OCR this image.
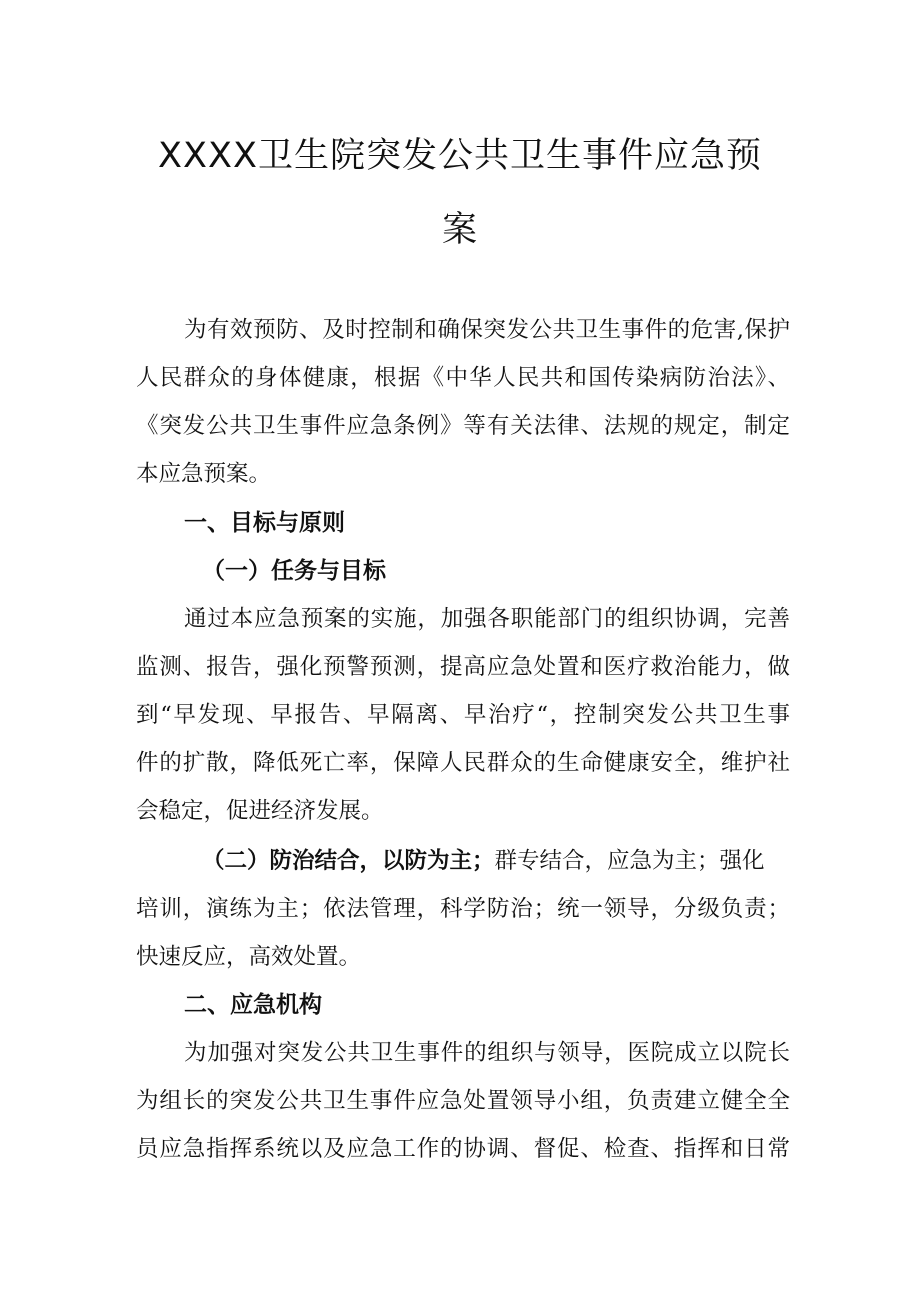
XXXX卫生院突发公共卫生事件应急预
案
为有效预防、及时控制和确保突发公共卫生事件的危害,保护
人民群众的身体健康，根据《中华人民共和国传染病防治法》、
《突发公共卫生事件应急条例》等有关法律、法规的规定，制定
本应急预案。
一、目标与原则
（一）任务与目标
通过本应急预案的实施，加强各职能部门的组织协调，完善
监测、报告，强化预警预测，提高应急处置和医疗救治能力，做
到“早发现、早报告、早隔离、早治疗“，控制突发公共卫生事
件的扩散，降低死亡率，保障人民群众的生命健康安全，维护社
会稳定，促进经济发展。
（二）防治结合，以防为主；群专结合，应急为主；强化
培训，演练为主；依法管理，科学防治；统一领导，分级负责；
快速反应，高效处置。
二、应急机构
为加强对突发公共卫生事件的组织与领导，医院成立以院长
为组长的突发公共卫生事件应急处置领导小组，负责建立健全全
员应急指挥系统以及应急工作的协调、督促、检查、指挥和日常
